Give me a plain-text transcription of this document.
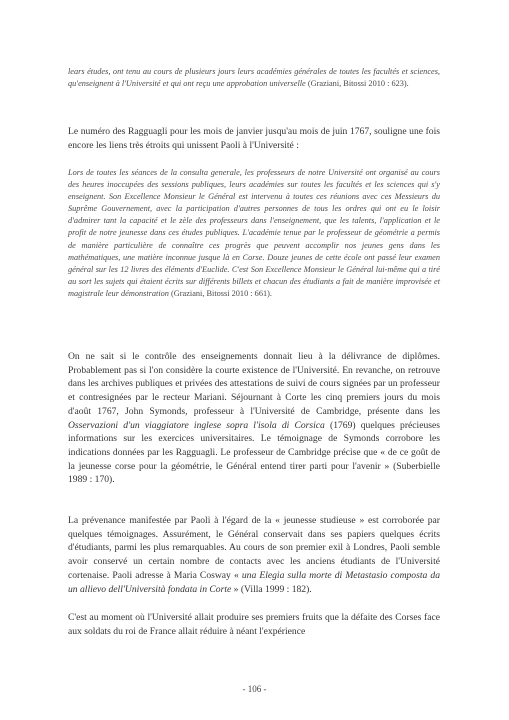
lears études, ont tenu au cours de plusieurs jours leurs académies générales de toutes les facultés et sciences, qu'enseignent à l'Université et qui ont reçu une approbation universelle (Graziani, Bitossi 2010 : 623).

Le numéro des Ragguagli pour les mois de janvier jusqu'au mois de juin 1767, souligne une fois encore les liens très étroits qui unissent Paoli à l'Université :

Lors de toutes les séances de la consulta generale, les professeurs de notre Université ont organisé au cours des heures inoccupées des sessions publiques, leurs académies sur toutes les facultés et les sciences qui s'y enseignent. Son Excellence Monsieur le Général est intervenu à toutes ces réunions avec ces Messieurs du Suprême Gouvernement, avec la participation d'autres personnes de tous les ordres qui ont eu le loisir d'admirer tant la capacité et le zèle des professeurs dans l'enseignement, que les talents, l'application et le profit de notre jeunesse dans ces études publiques. L'académie tenue par le professeur de géométrie a permis de manière particulière de connaître ces progrès que peuvent accomplir nos jeunes gens dans les mathématiques, une matière inconnue jusque là en Corse. Douze jeunes de cette école ont passé leur examen général sur les 12 livres des éléments d'Euclide. C'est Son Excellence Monsieur le Général lui-même qui a tiré au sort les sujets qui étaient écrits sur différents billets et chacun des étudiants a fait de manière improvisée et magistrale leur démonstration (Graziani, Bitossi 2010 : 661).

On ne sait si le contrôle des enseignements donnait lieu à la délivrance de diplômes. Probablement pas si l'on considère la courte existence de l'Université. En revanche, on retrouve dans les archives publiques et privées des attestations de suivi de cours signées par un professeur et contresignées par le recteur Mariani. Séjournant à Corte les cinq premiers jours du mois d'août 1767, John Symonds, professeur à l'Université de Cambridge, présente dans les Osservazioni d'un viaggiatore inglese sopra l'isola di Corsica (1769) quelques précieuses informations sur les exercices universitaires. Le témoignage de Symonds corrobore les indications données par les Ragguagli. Le professeur de Cambridge précise que « de ce goût de la jeunesse corse pour la géométrie, le Général entend tirer parti pour l'avenir » (Suberbielle 1989 : 170).

La prévenance manifestée par Paoli à l'égard de la « jeunesse studieuse » est corroborée par quelques témoignages. Assurément, le Général conservait dans ses papiers quelques écrits d'étudiants, parmi les plus remarquables. Au cours de son premier exil à Londres, Paoli semble avoir conservé un certain nombre de contacts avec les anciens étudiants de l'Université cortenaise. Paoli adresse à Maria Cosway « una Elegia sulla morte di Metastasio composta da un allievo dell'Università fondata in Corte » (Villa 1999 : 182).

C'est au moment où l'Université allait produire ses premiers fruits que la défaite des Corses face aux soldats du roi de France allait réduire à néant l'expérience

- 106 -
